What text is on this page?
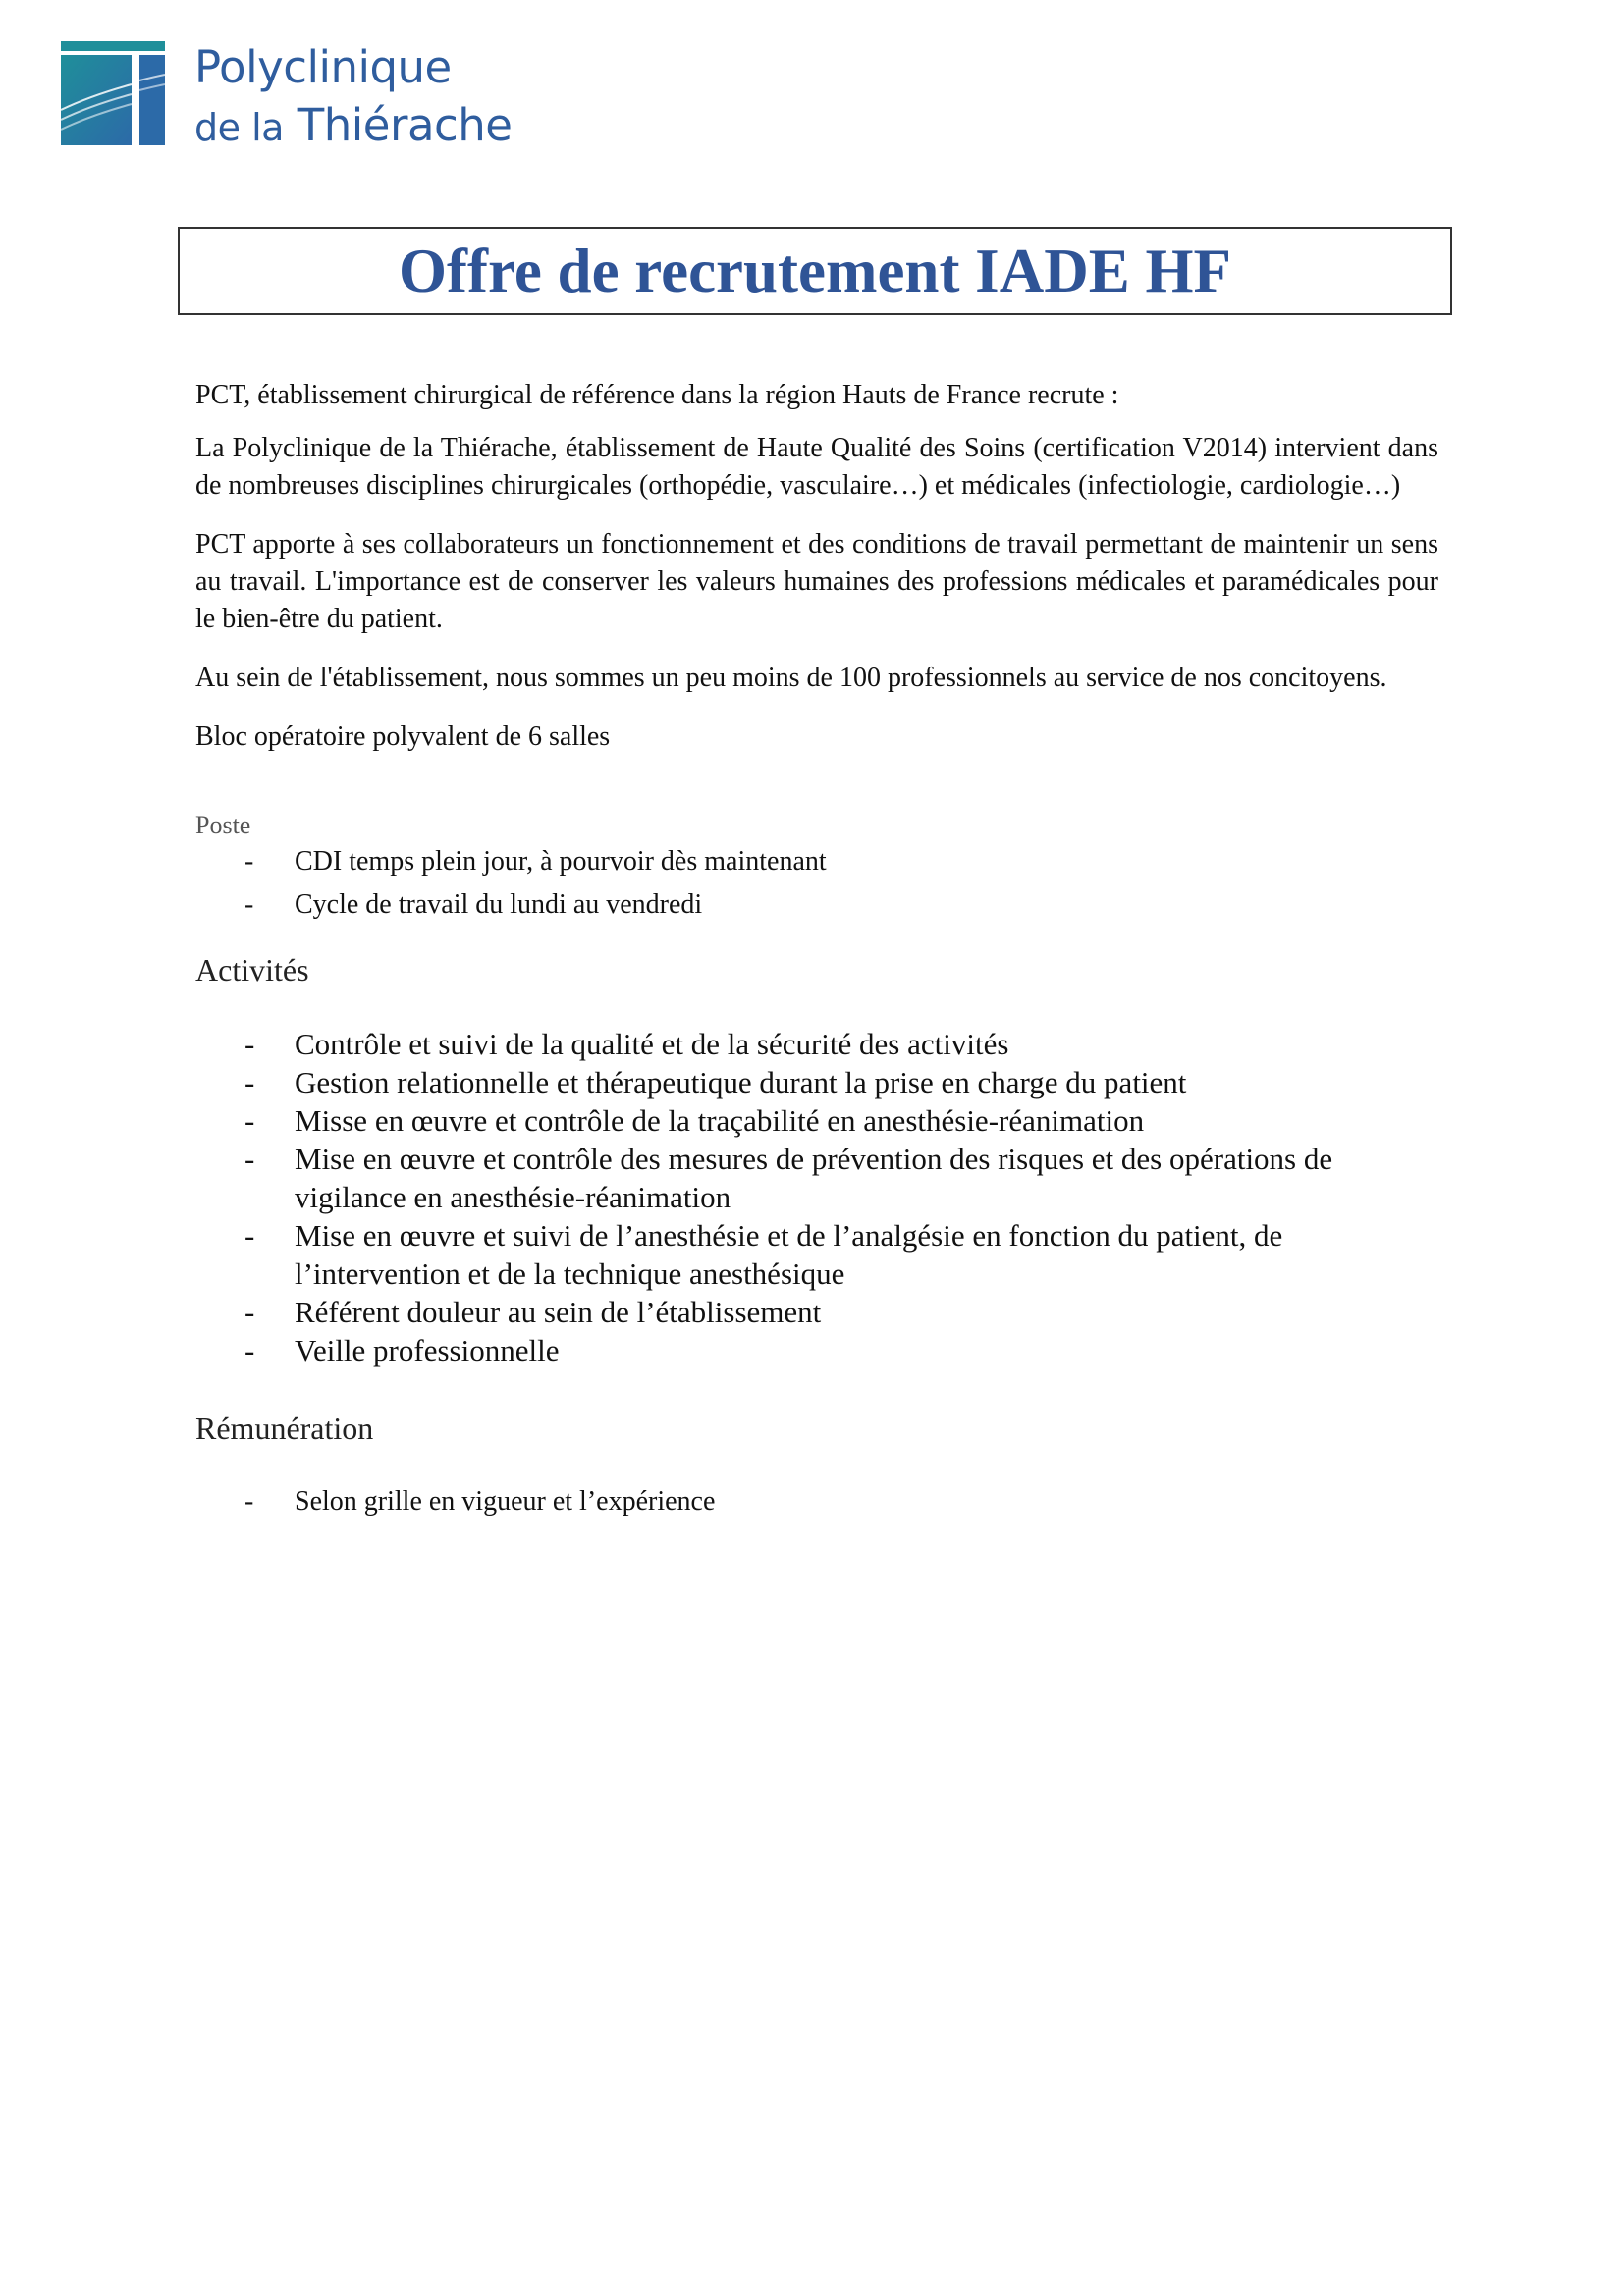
Polyclinique
de la Thiérache
Offre de recrutement IADE HF

PCT, établissement chirurgical de référence dans la région Hauts de France recrute :

La Polyclinique de la Thiérache, établissement de Haute Qualité des Soins (certification V2014) intervient dans de nombreuses disciplines chirurgicales (orthopédie, vasculaire…) et médicales (infectiologie, cardiologie…)

PCT apporte à ses collaborateurs un fonctionnement et des conditions de travail permettant de maintenir un sens au travail. L'importance est de conserver les valeurs humaines des professions médicales et paramédicales pour le bien-être du patient.

Au sein de l'établissement, nous sommes un peu moins de 100 professionnels au service de nos concitoyens.

Bloc opératoire polyvalent de 6 salles

Poste

- CDI temps plein jour, à pourvoir dès maintenant
- Cycle de travail du lundi au vendredi

Activités

- Contrôle et suivi de la qualité et de la sécurité des activités
- Gestion relationnelle et thérapeutique durant la prise en charge du patient
- Misse en œuvre et contrôle de la traçabilité en anesthésie-réanimation
- Mise en œuvre et contrôle des mesures de prévention des risques et des opérations de vigilance en anesthésie-réanimation
- Mise en œuvre et suivi de l’anesthésie et de l’analgésie en fonction du patient, de l’intervention et de la technique anesthésique
- Référent douleur au sein de l’établissement
- Veille professionnelle

Rémunération

- Selon grille en vigueur et l’expérience
